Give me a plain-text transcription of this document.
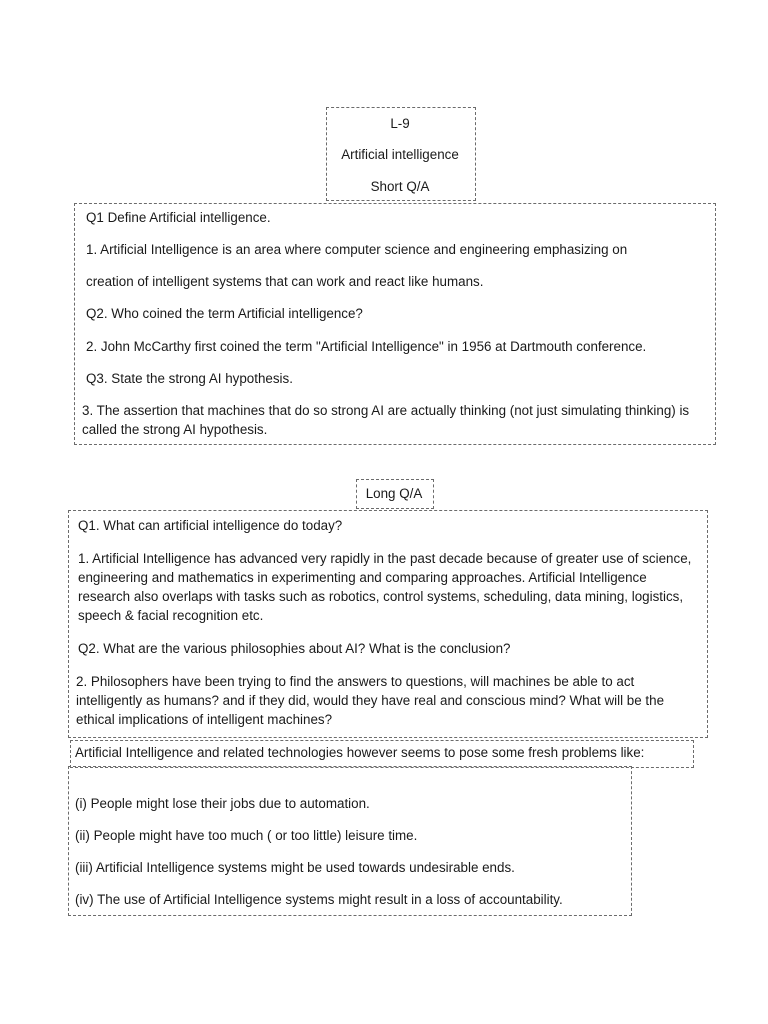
L-9
Artificial intelligence
Short Q/A
Q1 Define Artificial intelligence.
1. Artificial Intelligence is an area where computer science and engineering emphasizing on
creation of intelligent systems that can work and react like humans.
Q2. Who coined the term Artificial intelligence?
2. John McCarthy first coined the term "Artificial Intelligence" in 1956 at Dartmouth conference.
Q3. State the strong AI hypothesis.
3. The assertion that machines that do so strong AI are actually thinking (not just simulating thinking) is called the strong AI hypothesis.
Long Q/A
Q1. What can artificial intelligence do today?
1. Artificial Intelligence has advanced very rapidly in the past decade because of greater use of science, engineering and mathematics in experimenting and comparing approaches. Artificial Intelligence research also overlaps with tasks such as robotics, control systems, scheduling, data mining, logistics, speech & facial recognition etc.
Q2. What are the various philosophies about AI? What is the conclusion?
2. Philosophers have been trying to find the answers to questions, will machines be able to act intelligently as humans? and if they did, would they have real and conscious mind? What will be the ethical implications of intelligent machines?
Artificial Intelligence and related technologies however seems to pose some fresh problems like:
(i) People might lose their jobs due to automation.
(ii) People might have too much ( or too little) leisure time.
(iii) Artificial Intelligence systems might be used towards undesirable ends.
(iv) The use of Artificial Intelligence systems might result in a loss of accountability.
